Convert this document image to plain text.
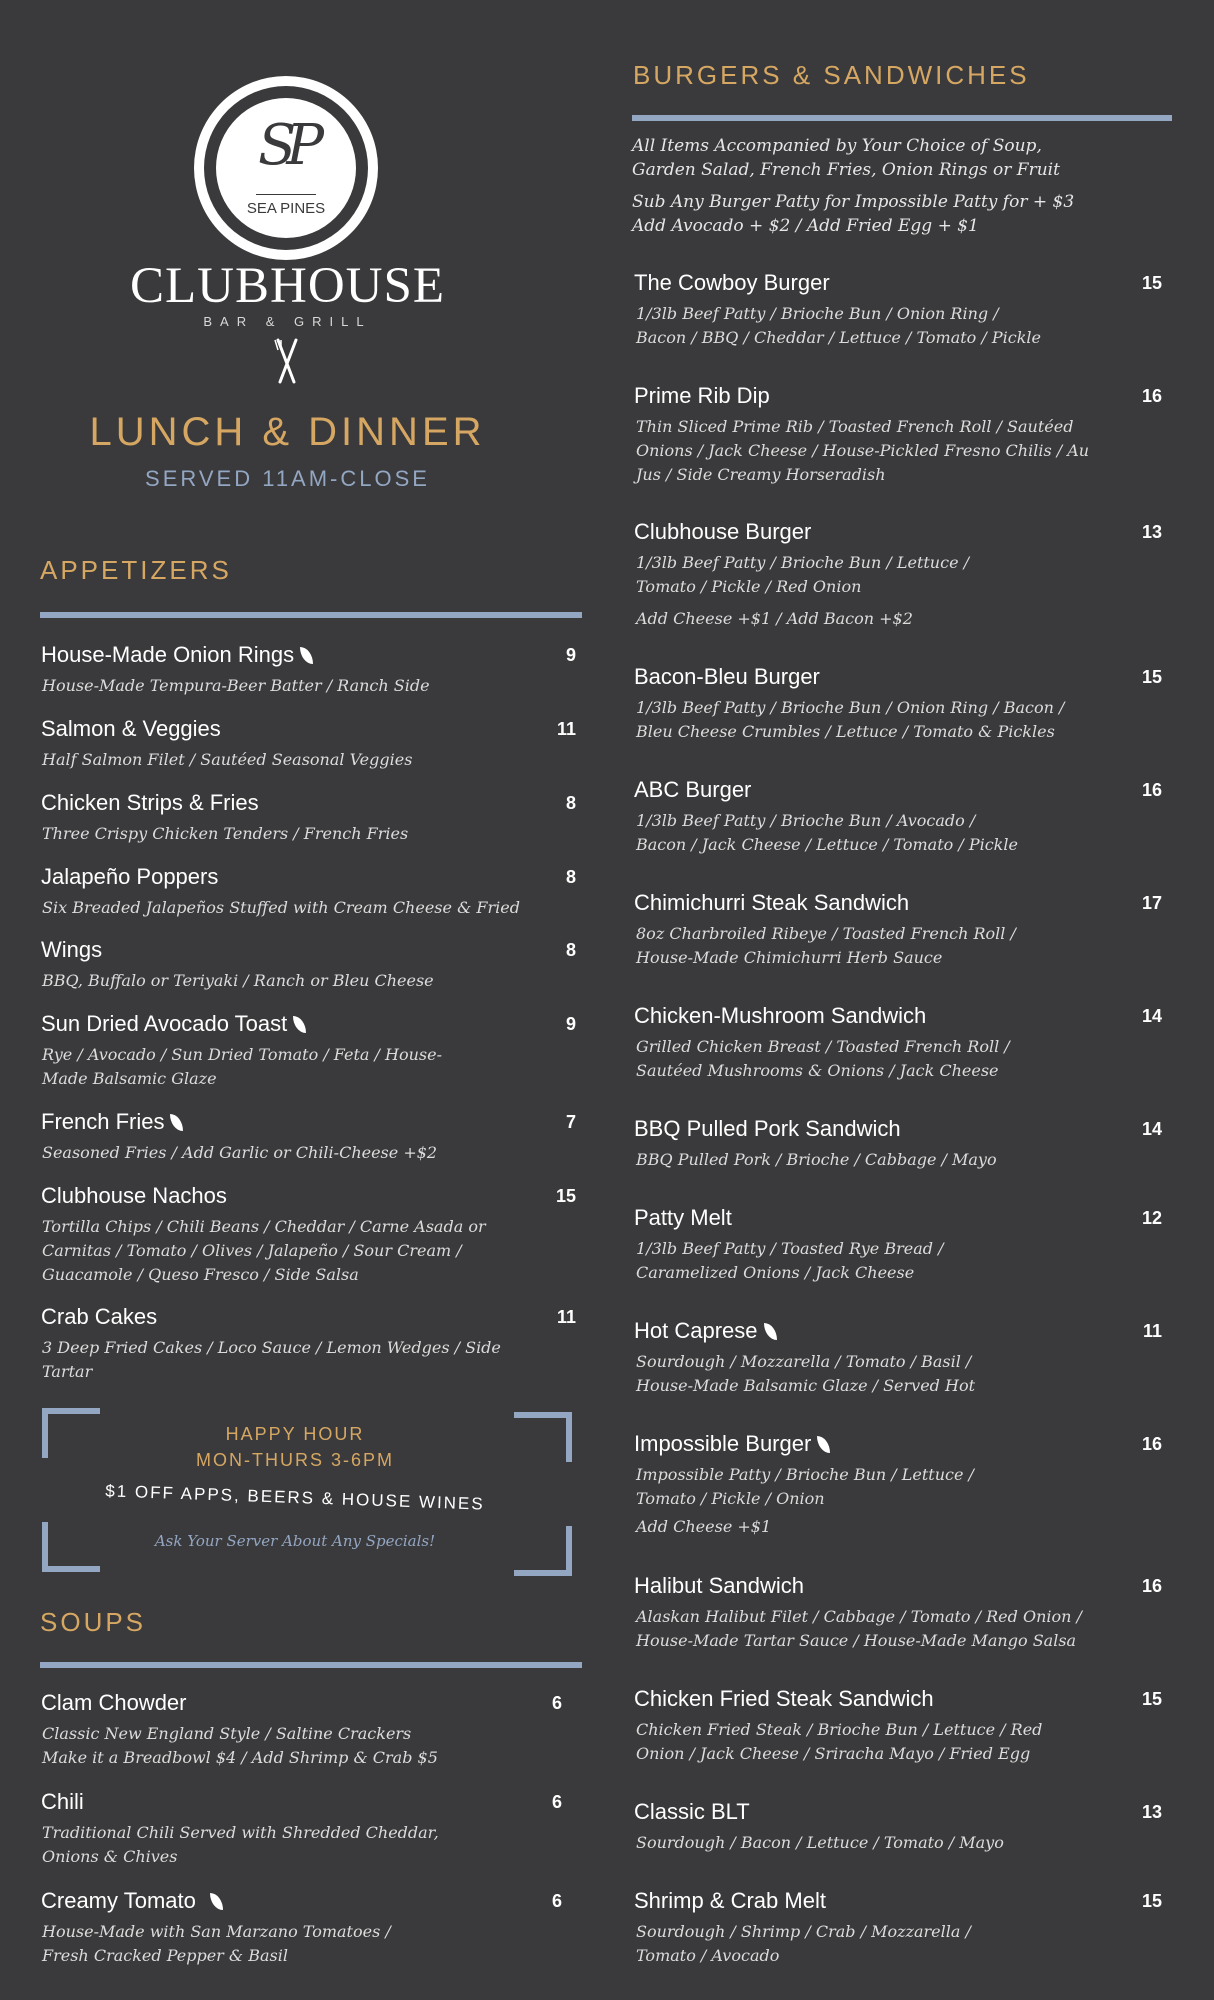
SP
SEA PINES
CLUBHOUSE
BAR & GRILL
LUNCH & DINNER
SERVED 11AM-CLOSE
APPETIZERS
House-Made Onion Rings	9
House-Made Tempura-Beer Batter / Ranch Side
Salmon & Veggies	11
Half Salmon Filet / Sautéed Seasonal Veggies
Chicken Strips & Fries	8
Three Crispy Chicken Tenders / French Fries
Jalapeño Poppers	8
Six Breaded Jalapeños Stuffed with Cream Cheese & Fried
Wings	8
BBQ, Buffalo or Teriyaki / Ranch or Bleu Cheese
Sun Dried Avocado Toast	9
Rye / Avocado / Sun Dried Tomato / Feta / House-
Made Balsamic Glaze
French Fries	7
Seasoned Fries / Add Garlic or Chili-Cheese +$2
Clubhouse Nachos	15
Tortilla Chips / Chili Beans / Cheddar / Carne Asada or
Carnitas / Tomato / Olives / Jalapeño / Sour Cream /
Guacamole / Queso Fresco / Side Salsa
Crab Cakes	11
3 Deep Fried Cakes / Loco Sauce / Lemon Wedges / Side
Tartar
HAPPY HOUR
MON-THURS 3-6PM
$1 OFF APPS, BEERS & HOUSE WINES
Ask Your Server About Any Specials!
SOUPS
Clam Chowder	6
Classic New England Style / Saltine Crackers
Make it a Breadbowl $4 / Add Shrimp & Crab $5
Chili	6
Traditional Chili Served with Shredded Cheddar,
Onions & Chives
Creamy Tomato	6
House-Made with San Marzano Tomatoes /
Fresh Cracked Pepper & Basil
BURGERS & SANDWICHES
All Items Accompanied by Your Choice of Soup,
Garden Salad, French Fries, Onion Rings or Fruit
Sub Any Burger Patty for Impossible Patty for + $3
Add Avocado + $2 / Add Fried Egg + $1
The Cowboy Burger	15
1/3lb Beef Patty / Brioche Bun / Onion Ring /
Bacon / BBQ / Cheddar / Lettuce / Tomato / Pickle
Prime Rib Dip	16
Thin Sliced Prime Rib / Toasted French Roll / Sautéed
Onions / Jack Cheese / House-Pickled Fresno Chilis / Au
Jus / Side Creamy Horseradish
Clubhouse Burger	13
1/3lb Beef Patty / Brioche Bun / Lettuce /
Tomato / Pickle / Red Onion
Add Cheese +$1 / Add Bacon +$2
Bacon-Bleu Burger	15
1/3lb Beef Patty / Brioche Bun / Onion Ring / Bacon /
Bleu Cheese Crumbles / Lettuce / Tomato & Pickles
ABC Burger	16
1/3lb Beef Patty / Brioche Bun / Avocado /
Bacon / Jack Cheese / Lettuce / Tomato / Pickle
Chimichurri Steak Sandwich	17
8oz Charbroiled Ribeye / Toasted French Roll /
House-Made Chimichurri Herb Sauce
Chicken-Mushroom Sandwich	14
Grilled Chicken Breast / Toasted French Roll /
Sautéed Mushrooms & Onions / Jack Cheese
BBQ Pulled Pork Sandwich	14
BBQ Pulled Pork / Brioche / Cabbage / Mayo
Patty Melt	12
1/3lb Beef Patty / Toasted Rye Bread /
Caramelized Onions / Jack Cheese
Hot Caprese	11
Sourdough / Mozzarella / Tomato / Basil /
House-Made Balsamic Glaze / Served Hot
Impossible Burger	16
Impossible Patty / Brioche Bun / Lettuce /
Tomato / Pickle / Onion
Add Cheese +$1
Halibut Sandwich	16
Alaskan Halibut Filet / Cabbage / Tomato / Red Onion /
House-Made Tartar Sauce / House-Made Mango Salsa
Chicken Fried Steak Sandwich	15
Chicken Fried Steak / Brioche Bun / Lettuce / Red
Onion / Jack Cheese / Sriracha Mayo / Fried Egg
Classic BLT	13
Sourdough / Bacon / Lettuce / Tomato / Mayo
Shrimp & Crab Melt	15
Sourdough / Shrimp / Crab / Mozzarella /
Tomato / Avocado
